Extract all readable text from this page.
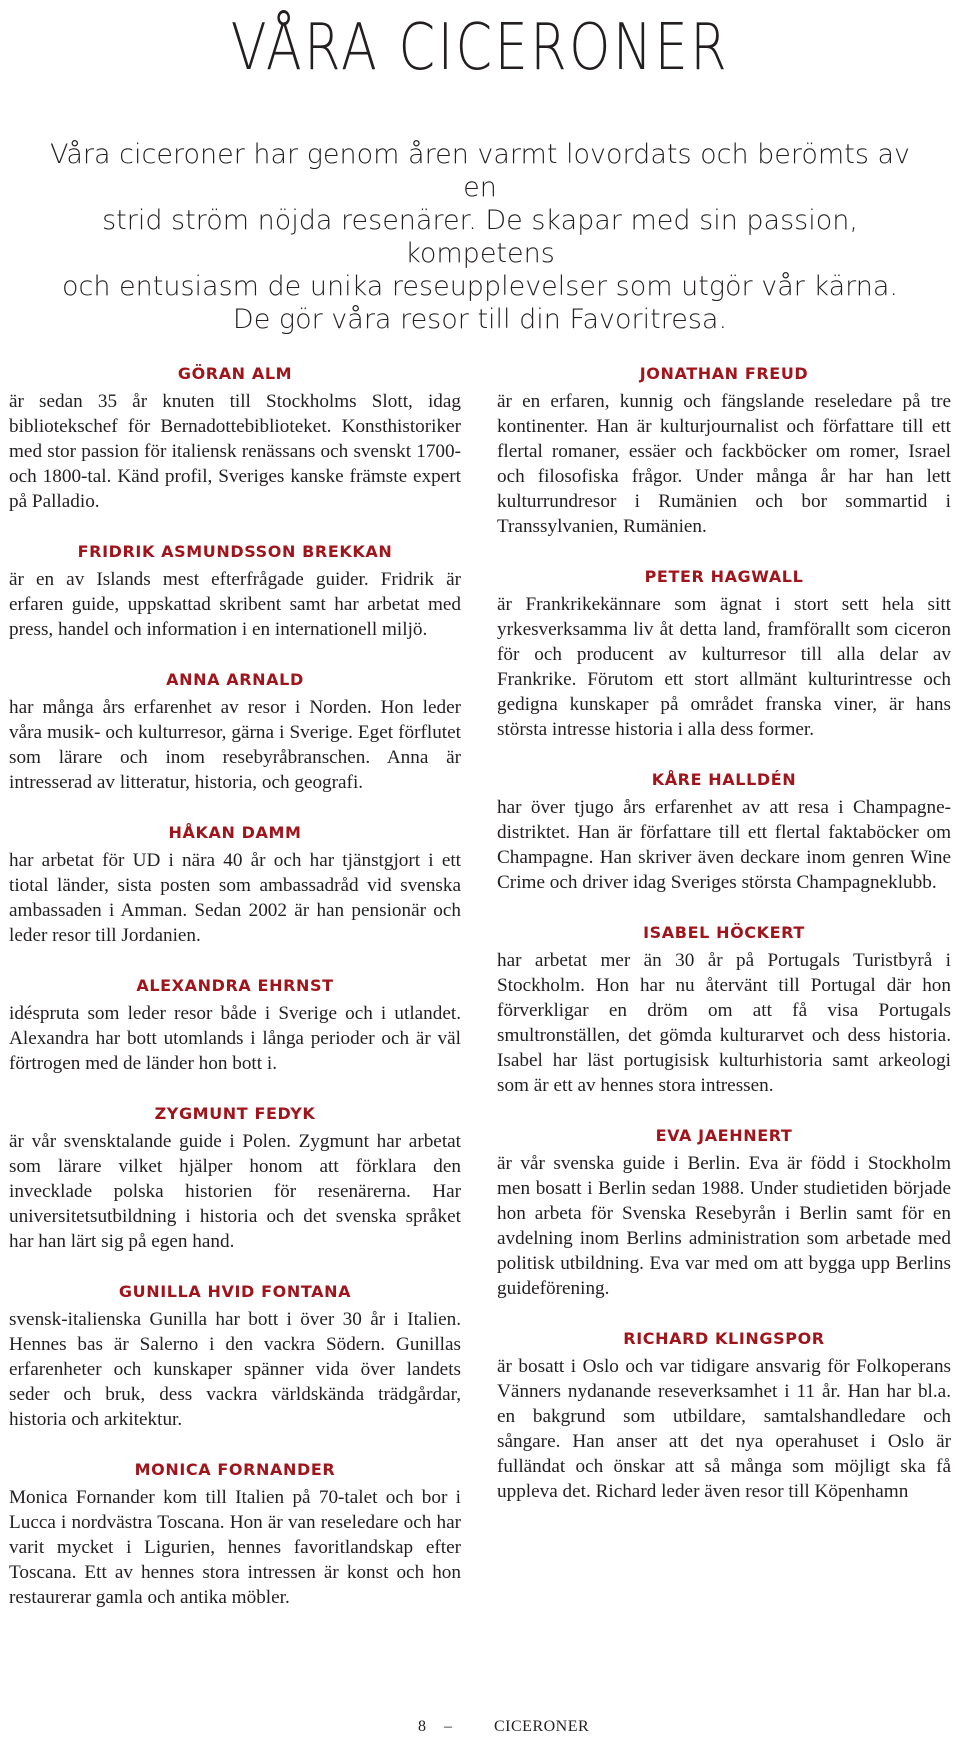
VÅRA CICERONER

Våra ciceroner har genom åren varmt lovordats och berömts av en

strid ström nöjda resenärer. De skapar med sin passion, kompetens

och entusiasm de unika reseupplevelser som utgör vår kärna.

De gör våra resor till din Favoritresa.

GÖRAN ALM

är sedan 35 år knuten till Stockholms Slott, idag bibliotekschef för Bernadottebiblioteket. Konsthistoriker med stor passion för italiensk renässans och svenskt 1700- och 1800-tal. Känd profil, Sveriges kanske främste expert på Palladio.

FRIDRIK ASMUNDSSON BREKKAN

är en av Islands mest efterfrågade guider. Fridrik är erfaren guide, uppskattad skribent samt har arbetat med press, handel och information i en internationell miljö.

ANNA ARNALD

har många års erfarenhet av resor i Norden. Hon leder våra musik- och kulturresor, gärna i Sverige. Eget förflutet som lärare och inom resebyråbranschen. Anna är intresserad av litteratur, historia, och geografi.

HÅKAN DAMM

har arbetat för UD i nära 40 år och har tjänstgjort i ett tiotal länder, sista posten som ambassadråd vid svenska ambassaden i Amman. Sedan 2002 är han pensionär och leder resor till Jordanien.

ALEXANDRA EHRNST

idéspruta som leder resor både i Sverige och i utlandet. Alexandra har bott utomlands i långa perioder och är väl förtrogen med de länder hon bott i.

ZYGMUNT FEDYK

är vår svensktalande guide i Polen. Zygmunt har arbetat som lärare vilket hjälper honom att förklara den invecklade polska historien för resenärerna. Har universitetsutbildning i historia och det svenska språket har han lärt sig på egen hand.

GUNILLA HVID FONTANA

svensk-italienska Gunilla har bott i över 30 år i Italien. Hennes bas är Salerno i den vackra Södern. Gunillas erfarenheter och kunskaper spänner vida över landets seder och bruk, dess vackra världskända trädgårdar, historia och arkitektur.

MONICA FORNANDER

Monica Fornander kom till Italien på 70-talet och bor i Lucca i nordvästra Toscana. Hon är van reseledare och har varit mycket i Ligurien, hennes favoritlandskap efter Toscana. Ett av hennes stora intressen är konst och hon restaurerar gamla och antika möbler.

JONATHAN FREUD

är en erfaren, kunnig och fängslande reseledare på tre kontinenter. Han är kulturjournalist och författare till ett flertal romaner, essäer och fackböcker om romer, Israel och filosofiska frågor. Under många år har han lett kulturrundresor i Rumänien och bor sommartid i Transsylvanien, Rumänien.

PETER HAGWALL

är Frankrikekännare som ägnat i stort sett hela sitt yrkesverksamma liv åt detta land, framförallt som ciceron för och producent av kulturresor till alla delar av Frankrike. Förutom ett stort allmänt kulturintresse och gedigna kunskaper på området franska viner, är hans största intresse historia i alla dess former.

KÅRE HALLDÉN

har över tjugo års erfarenhet av att resa i Champagne-distriktet. Han är författare till ett flertal faktaböcker om Champagne. Han skriver även deckare inom genren Wine Crime och driver idag Sveriges största Champagneklubb.

ISABEL HÖCKERT

har arbetat mer än 30 år på Portugals Turistbyrå i Stockholm. Hon har nu återvänt till Portugal där hon förverkligar en dröm om att få visa Portugals smultronställen, det gömda kulturarvet och dess historia. Isabel har läst portugisisk kulturhistoria samt arkeologi som är ett av hennes stora intressen.

EVA JAEHNERT

är vår svenska guide i Berlin. Eva är född i Stockholm men bosatt i Berlin sedan 1988. Under studietiden började hon arbeta för Svenska Resebyrån i Berlin samt för en avdelning inom Berlins administration som arbetade med politisk utbildning. Eva var med om att bygga upp Berlins guideförening.

RICHARD KLINGSPOR

är bosatt i Oslo och var tidigare ansvarig för Folkoperans Vänners nydanande reseverksamhet i 11 år. Han har bl.a. en bakgrund som utbildare, samtalshandledare och sångare. Han anser att det nya operahuset i Oslo är fulländat och önskar att så många som möjligt ska få uppleva det. Richard leder även resor till Köpenhamn

8 –	CICERONER
